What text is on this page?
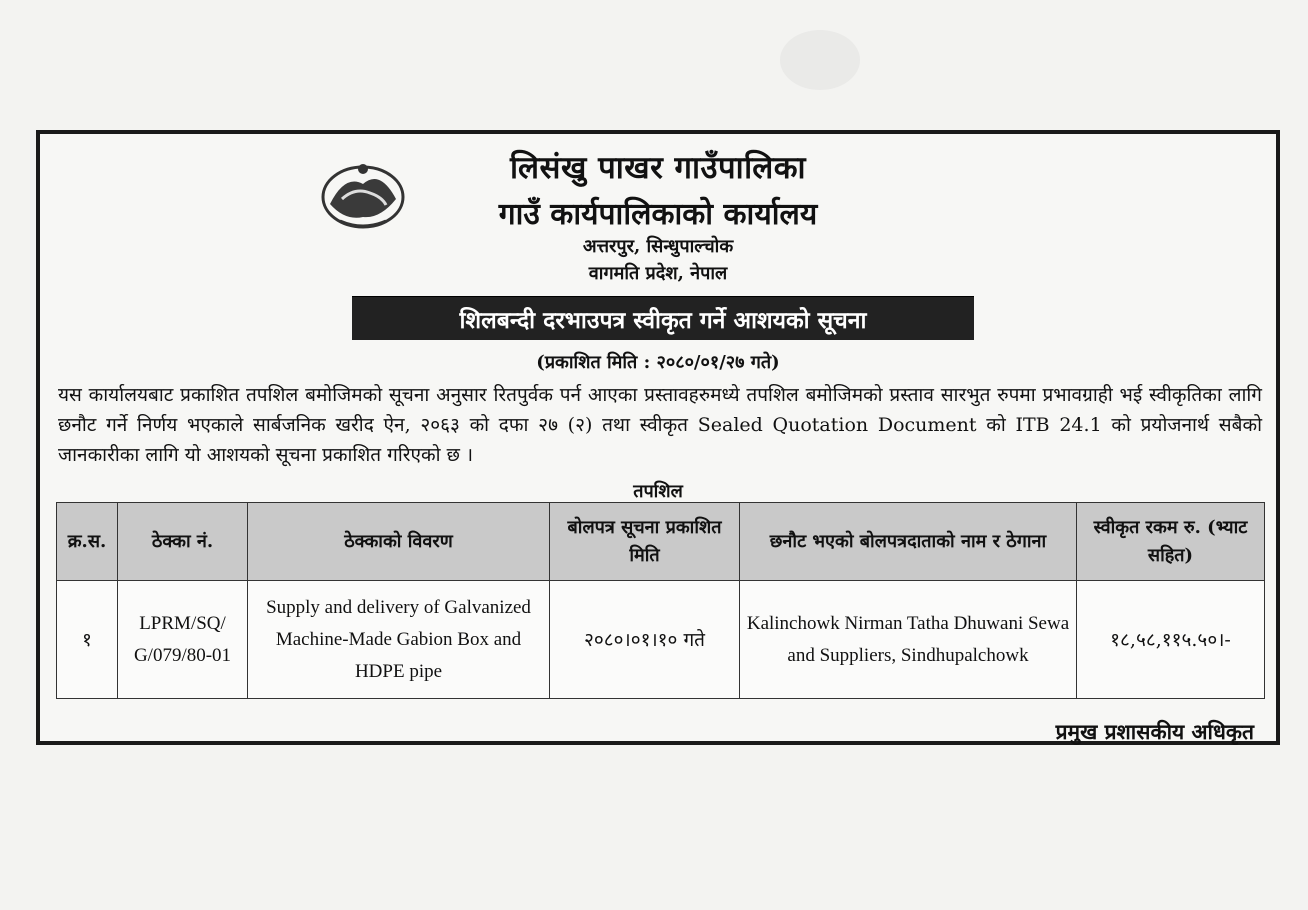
लिसंखु पाखर गाउँपालिका
गाउँ कार्यपालिकाको कार्यालय
अत्तरपुर, सिन्धुपाल्चोक
वागमति प्रदेश, नेपाल
शिलबन्दी दरभाउपत्र स्वीकृत गर्ने आशयको सूचना
(प्रकाशित मिति : २०८०/०१/२७ गते)
यस कार्यालयबाट प्रकाशित तपशिल बमोजिमको सूचना अनुसार रितपुर्वक पर्न आएका प्रस्तावहरुमध्ये तपशिल बमोजिमको प्रस्ताव सारभुत रुपमा प्रभावग्राही भई स्वीकृतिका लागि छनौट गर्ने निर्णय भएकाले सार्बजनिक खरीद ऐन, २०६३ को दफा २७ (२) तथा स्वीकृत Sealed Quotation Document को ITB 24.1 को प्रयोजनार्थ सबैको जानकारीका लागि यो आशयको सूचना प्रकाशित गरिएको छ ।
तपशिल
क्र.स.	ठेक्का नं.	ठेक्काको विवरण	बोलपत्र सूचना प्रकाशित मिति	छनौट भएको बोलपत्रदाताको नाम र ठेगाना	स्वीकृत रकम रु. (भ्याट सहित)
१	LPRM/SQ/ G/079/80-01	Supply and delivery of Galvanized Machine-Made Gabion Box and HDPE pipe	२०८०।०१।१० गते	Kalinchowk Nirman Tatha Dhuwani Sewa and Suppliers, Sindhupalchowk	१८,५८,११५.५०।-
प्रमुख प्रशासकीय अधिकृत
